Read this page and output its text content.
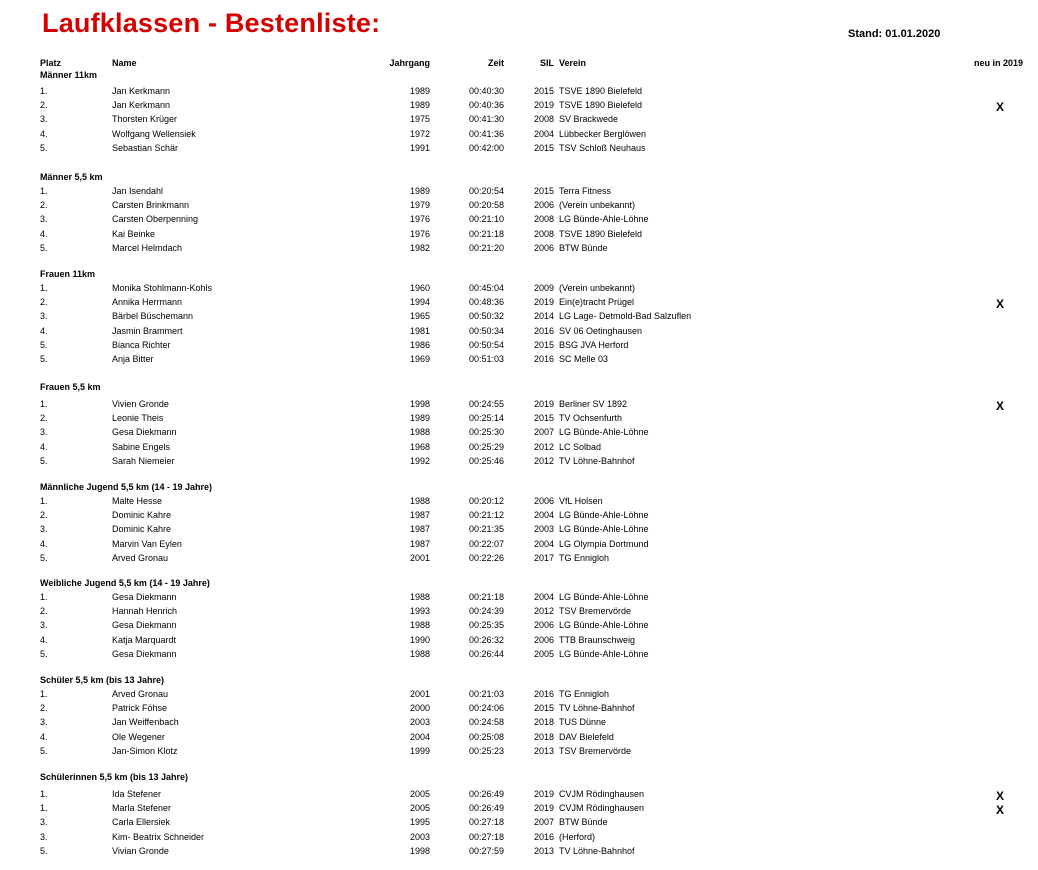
Laufklassen - Bestenliste:	Stand: 01.01.2020
Platz	Name	Jahrgang	Zeit	SIL Verein	neu in 2019
Männer 11km
1.	Jan Kerkmann	1989	00:40:30	2015 TSVE 1890 Bielefeld
2.	Jan Kerkmann	1989	00:40:36	2019 TSVE 1890 Bielefeld	X
3.	Thorsten Krüger	1975	00:41:30	2008 SV Brackwede
4.	Wolfgang Wellensiek	1972	00:41:36	2004 Lübbecker Berglöwen
5.	Sebastian Schär	1991	00:42:00	2015 TSV Schloß Neuhaus
Männer 5,5 km
1.	Jan Isendahl	1989	00:20:54	2015 Terra Fitness
2.	Carsten Brinkmann	1979	00:20:58	2006 (Verein unbekannt)
3.	Carsten Oberpenning	1976	00:21:10	2008 LG Bünde-Ahle-Löhne
4.	Kai Beinke	1976	00:21:18	2008 TSVE 1890 Bielefeld
5.	Marcel Helmdach	1982	00:21:20	2006 BTW Bünde
Frauen 11km
1.	Monika Stohlmann-Kohls	1960	00:45:04	2009 (Verein unbekannt)
2.	Annika Herrmann	1994	00:48:36	2019 Ein(e)tracht Prügel	X
3.	Bärbel Büschemann	1965	00:50:32	2014 LG Lage- Detmold-Bad Salzuflen
4.	Jasmin Brammert	1981	00:50:34	2016 SV 06 Oetinghausen
5.	Bianca Richter	1986	00:50:54	2015 BSG JVA Herford
5.	Anja Bitter	1969	00:51:03	2016 SC Melle 03
Frauen 5,5 km
1.	Vivien Gronde	1998	00:24:55	2019 Berliner SV 1892	X
2.	Leonie Theis	1989	00:25:14	2015 TV Ochsenfurth
3.	Gesa Diekmann	1988	00:25:30	2007 LG Bünde-Ahle-Löhne
4.	Sabine Engels	1968	00:25:29	2012 LC Solbad
5.	Sarah Niemeier	1992	00:25:46	2012 TV Löhne-Bahnhof
Männliche Jugend 5,5 km (14 - 19 Jahre)
1.	Malte Hesse	1988	00:20:12	2006 VfL Holsen
2.	Dominic Kahre	1987	00:21:12	2004 LG Bünde-Ahle-Löhne
3.	Dominic Kahre	1987	00:21:35	2003 LG Bünde-Ahle-Löhne
4.	Marvin Van Eylen	1987	00:22:07	2004 LG Olympia Dortmund
5.	Arved Gronau	2001	00:22:26	2017 TG Ennigloh
Weibliche Jugend 5,5 km (14 - 19 Jahre)
1.	Gesa Diekmann	1988	00:21:18	2004 LG Bünde-Ahle-Löhne
2.	Hannah Henrich	1993	00:24:39	2012 TSV Bremervörde
3.	Gesa Diekmann	1988	00:25:35	2006 LG Bünde-Ahle-Löhne
4.	Katja Marquardt	1990	00:26:32	2006 TTB Braunschweig
5.	Gesa Diekmann	1988	00:26:44	2005 LG Bünde-Ahle-Löhne
Schüler 5,5 km (bis 13 Jahre)
1.	Arved Gronau	2001	00:21:03	2016 TG Ennigloh
2.	Patrick Föhse	2000	00:24:06	2015 TV Löhne-Bahnhof
3.	Jan Weiffenbach	2003	00:24:58	2018 TUS Dünne
4.	Ole Wegener	2004	00:25:08	2018 DAV Bielefeld
5.	Jan-Simon Klotz	1999	00:25:23	2013 TSV Bremervörde
Schülerinnen 5,5 km (bis 13 Jahre)
1.	Ida Stefener	2005	00:26:49	2019 CVJM Rödinghausen	X
1.	Marla Stefener	2005	00:26:49	2019 CVJM Rödinghausen	X
3.	Carla Ellersiek	1995	00:27:18	2007 BTW Bünde
3.	Kim- Beatrix Schneider	2003	00:27:18	2016 (Herford)
5.	Vivian Gronde	1998	00:27:59	2013 TV Löhne-Bahnhof
